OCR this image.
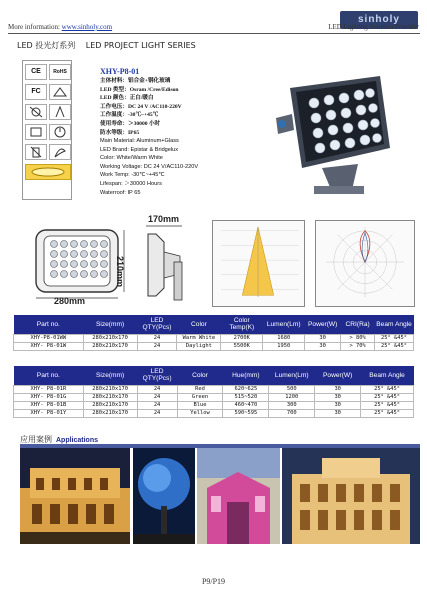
sinholy
More information: www.sinholy.com	LED Lighting Solution Provider
LED 投光灯系列 LED PROJECT LIGHT SERIES
CE	RoHS
FC
XHY-P8-01
主体材料：铝合金+钢化玻璃
LED 类型：Osram /Cree/Edison
LED 颜色：正白/暖白
工作电压：DC 24 V /AC110-220V
工作温度：-30℃~+45℃
使用寿命：＞30000 小时
防水等级：IP65
Main Material: Aluminum+Glass
LED Brand: Epistar & Bridgelux
Color: White/Warm White
Working Voltage: DC 24 V/AC110-220V
Work Temp: -30℃~+45℃
Lifespan: ＞30000 Hours
Waterroof: IP 65
280mm
210mm
170mm
Part no.	Size(mm)	LED QTY(Pcs)	Color	Color Temp(K)	Lumen(Lm)	Power(W)	CRI(Ra)	Beam Angle
XHY-P8-01WW	280x210x170	24	Warm White	2700K	1680	30	> 80%	25° &45°
XHY- P8-01W	280x210x170	24	Daylight	5500K	1950	30	> 70%	25° &45°
Part no.	Size(mm)	LED QTY(Pcs)	Color	Hue(mm)	Lumen(Lm)	Power(W)	Beam Angle
XHY- P8-01R	280x210x170	24	Red	620~625	500	30	25° &45°
XHY- P8-01G	280x210x170	24	Green	515~520	1200	30	25° &45°
XHY- P8-01B	280x210x170	24	Blue	460~470	300	30	25° &45°
XHY- P8-01Y	280x210x170	24	Yellow	590~595	700	30	25° &45°
应用案例 Applications
P9/P19
